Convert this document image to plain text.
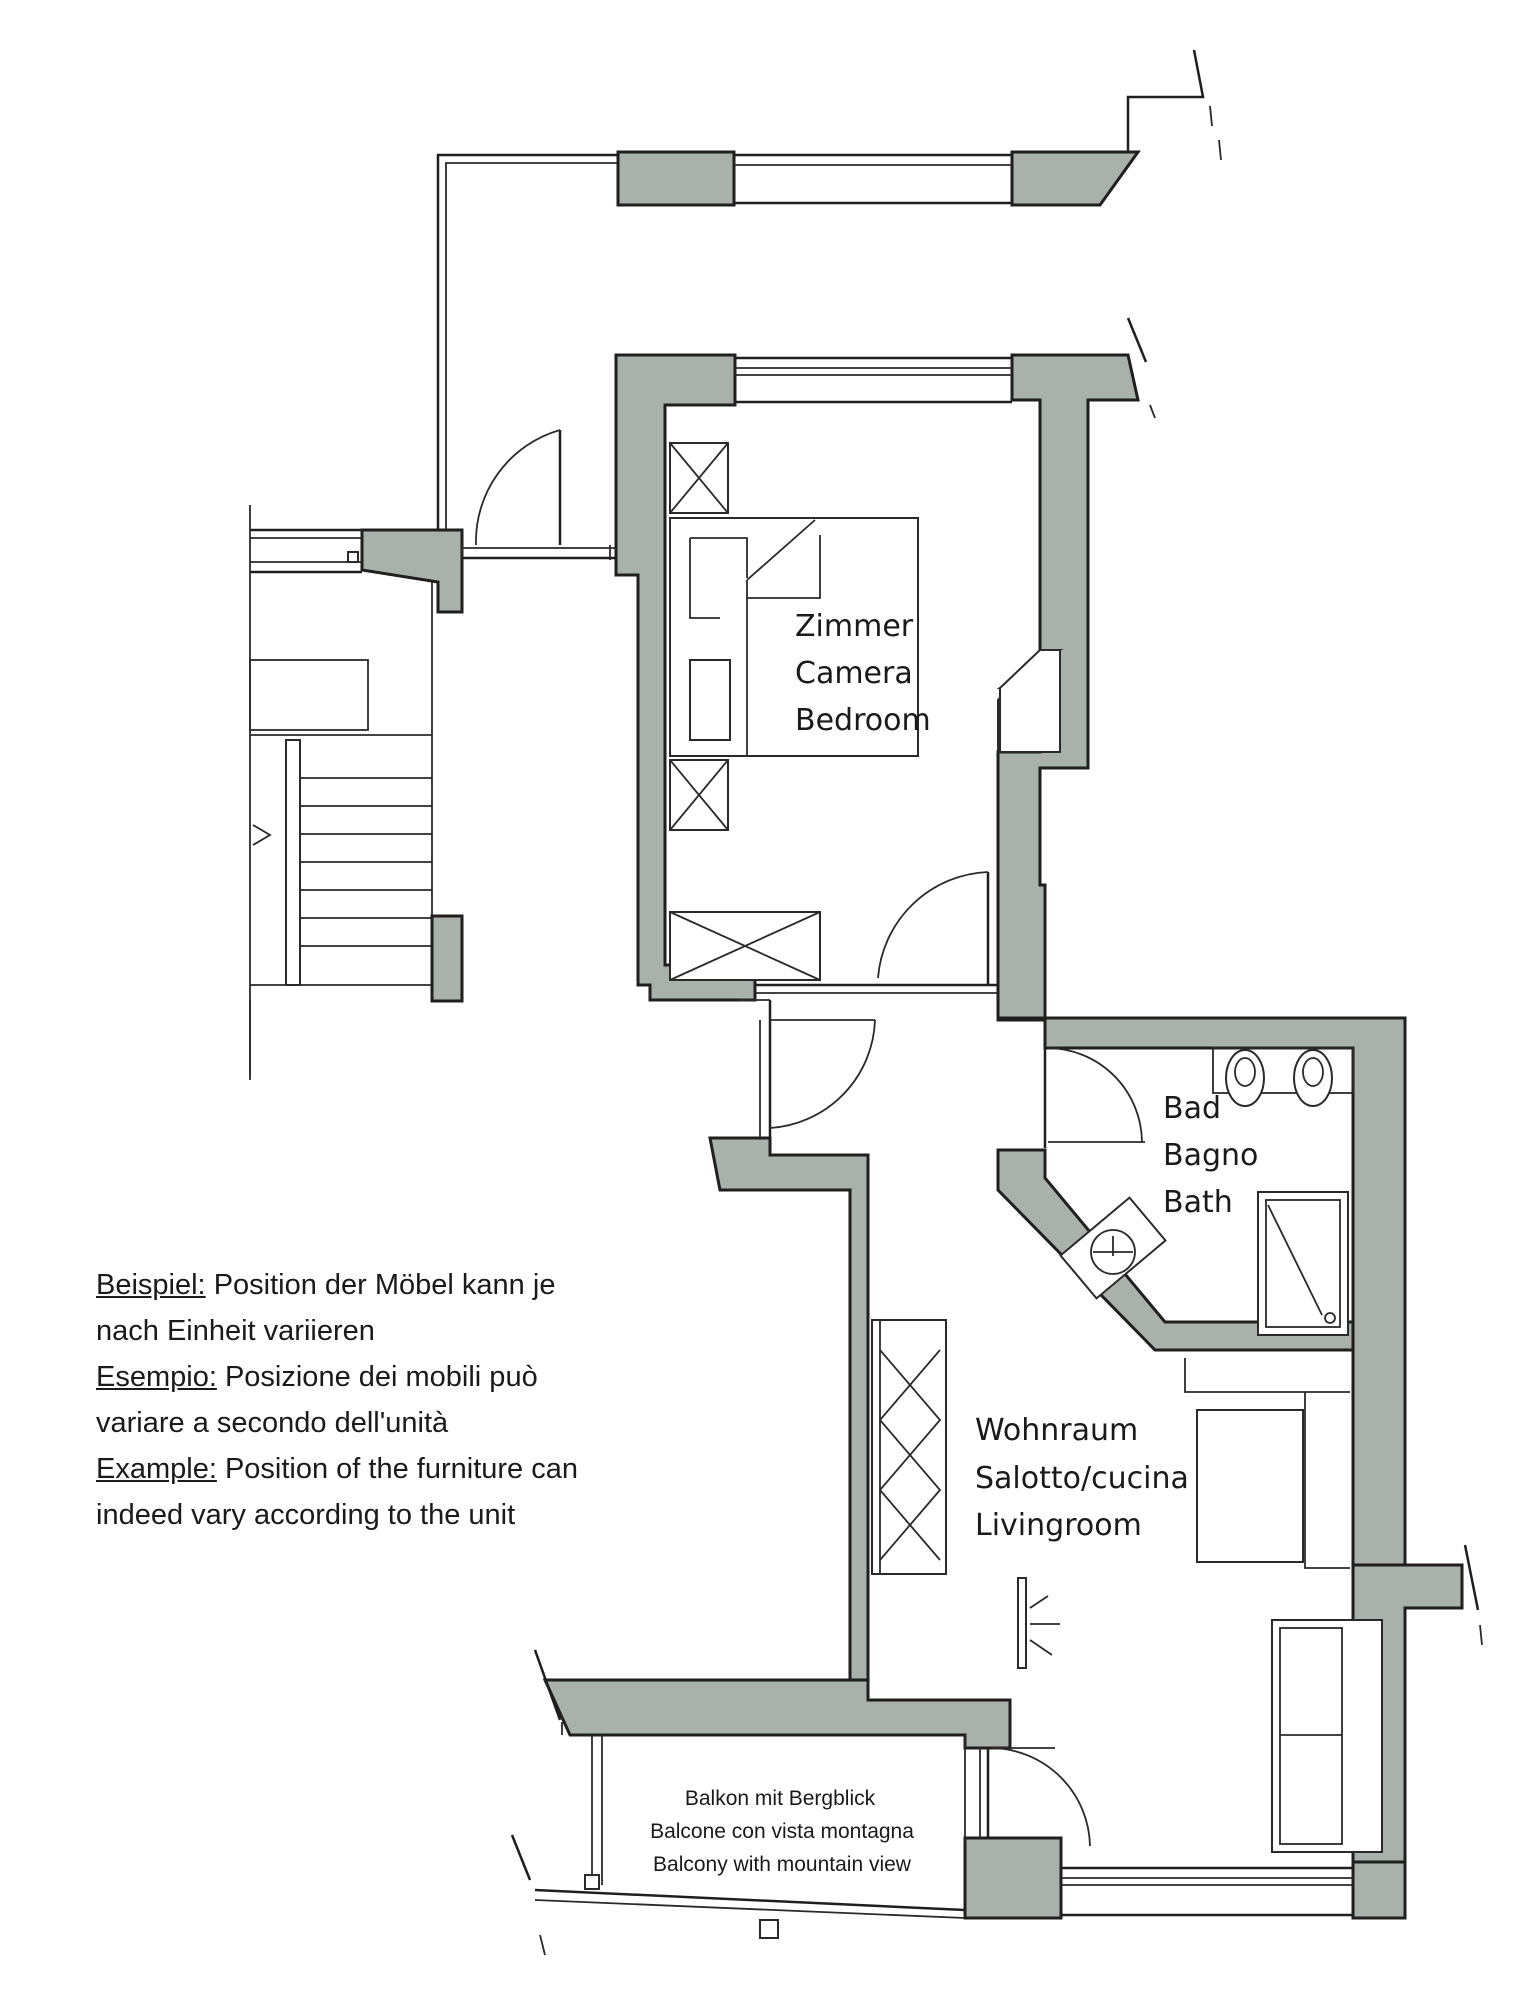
Zimmer
Camera
Bedroom
Bad
Bagno
Bath
Wohnraum
Salotto/cucina
Livingroom
Balkon mit Bergblick
Balcone con vista montagna
Balcony with mountain view
Beispiel: Position der Möbel kann je
nach Einheit variieren
Esempio: Posizione dei mobili può
variare a secondo dell'unità
Example: Position of the furniture can
indeed vary according to the unit
